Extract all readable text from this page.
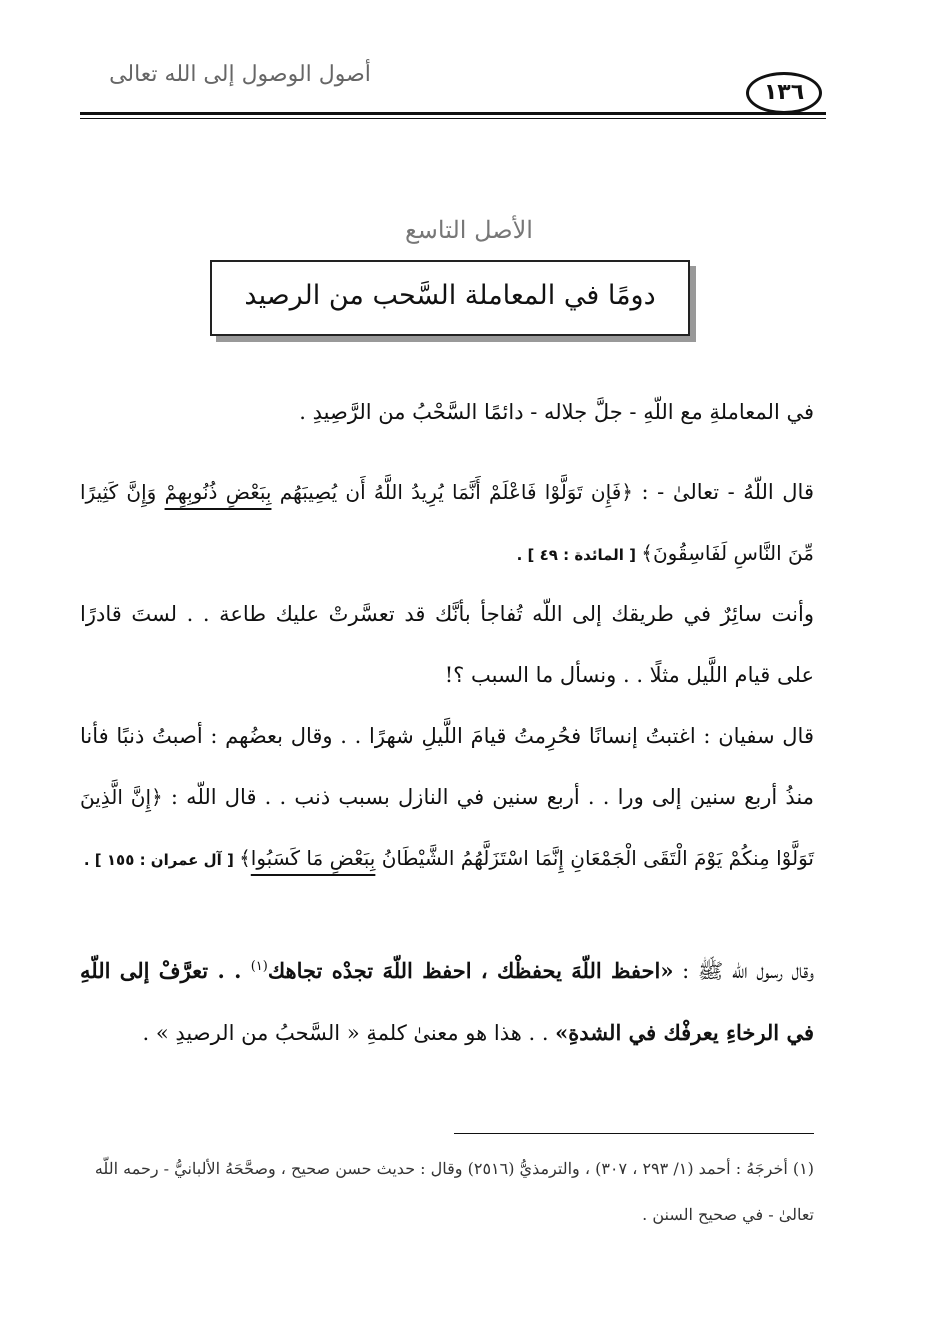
أصول الوصول إلى الله تعالى
١٣٦
الأصل التاسع
دومًا في المعاملة السَّحب من الرصيد
في المعاملةِ مع اللّهِ - جلَّ جلاله - دائمًا السَّحْبُ من الرَّصِيدِ .
قال اللّهُ - تعالىٰ - : ﴿فَإِن تَوَلَّوْا فَاعْلَمْ أَنَّمَا يُرِيدُ اللَّهُ أَن يُصِيبَهُم بِبَعْضِ ذُنُوبِهِمْ وَإِنَّ كَثِيرًا مِّنَ النَّاسِ لَفَاسِقُونَ﴾ [ المائدة : ٤٩ ] .
وأنت سائِرٌ في طريقك إلى اللّه تُفاجأ بأنَّك قد تعسَّرتْ عليك طاعة . . لستَ قادرًا على قيام اللَّيل مثلًا . . ونسأل ما السبب ؟!
قال سفيان : اغتبتُ إنسانًا فحُرِمتُ قيامَ اللَّيلِ شهرًا . . وقال بعضُهم : أصبتُ ذنبًا فأنا منذُ أربع سنين إلى ورا . . أربع سنين في النازل بسبب ذنب . . قال اللّه : ﴿إِنَّ الَّذِينَ تَوَلَّوْا مِنكُمْ يَوْمَ الْتَقَى الْجَمْعَانِ إِنَّمَا اسْتَزَلَّهُمُ الشَّيْطَانُ بِبَعْضِ مَا كَسَبُوا﴾ [ آل عمران : ١٥٥ ] .
وقال رسول اللّه ﷺ : «احفظ اللّهَ يحفظْك ، احفظ اللّهَ تجدْه تجاهك$^{(١)}$ . . تعرَّفْ إلى اللّهِ في الرخاءِ يعرفْك في الشدةِ» . . هذا هو معنىٰ كلمةِ « السَّحبُ من الرصيدِ » .
(١) أخرجَهُ : أحمد (١/ ٢٩٣ ، ٣٠٧) ، والترمذيُّ (٢٥١٦) وقال : حديث حسن صحيح ، وصحَّحَهُ الألبانيُّ - رحمه اللّه تعالىٰ - في صحيح السنن .
